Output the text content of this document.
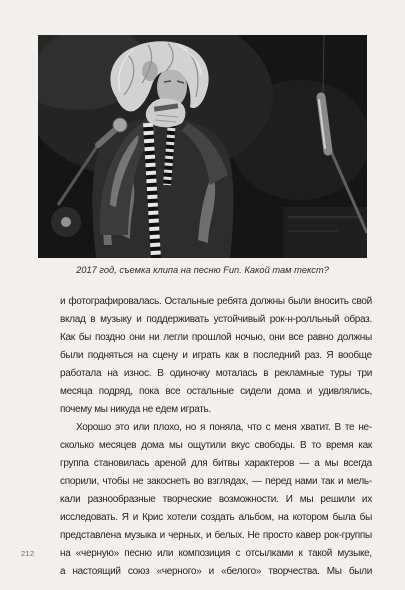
2017 год, съемка клипа на песню Fun. Какой там текст?
и фотографировалась. Остальные ребята должны были вносить свой
вклад в музыку и поддерживать устойчивый рок-н-ролльный образ.
Как бы поздно они ни легли прошлой ночью, они все равно должны
были подняться на сцену и играть как в последний раз. Я вообще
работала на износ. В одиночку моталась в рекламные туры три
месяца подряд, пока все остальные сидели дома и удивлялись,
почему мы никуда не едем играть.
Хорошо это или плохо, но я поняла, что с меня хватит. В те не-
сколько месяцев дома мы ощутили вкус свободы. В то время как
группа становилась ареной для битвы характеров — а мы всегда
спорили, чтобы не закоснеть во взглядах, — перед нами так и мель-
кали разнообразные творческие возможности. И мы решили их
исследовать. Я и Крис хотели создать альбом, на котором была бы
представлена музыка и черных, и белых. Не просто кавер рок-группы
на «черную» песню или композиция с отсылками к такой музыке,
а настоящий союз «черного» и «белого» творчества. Мы были
212
